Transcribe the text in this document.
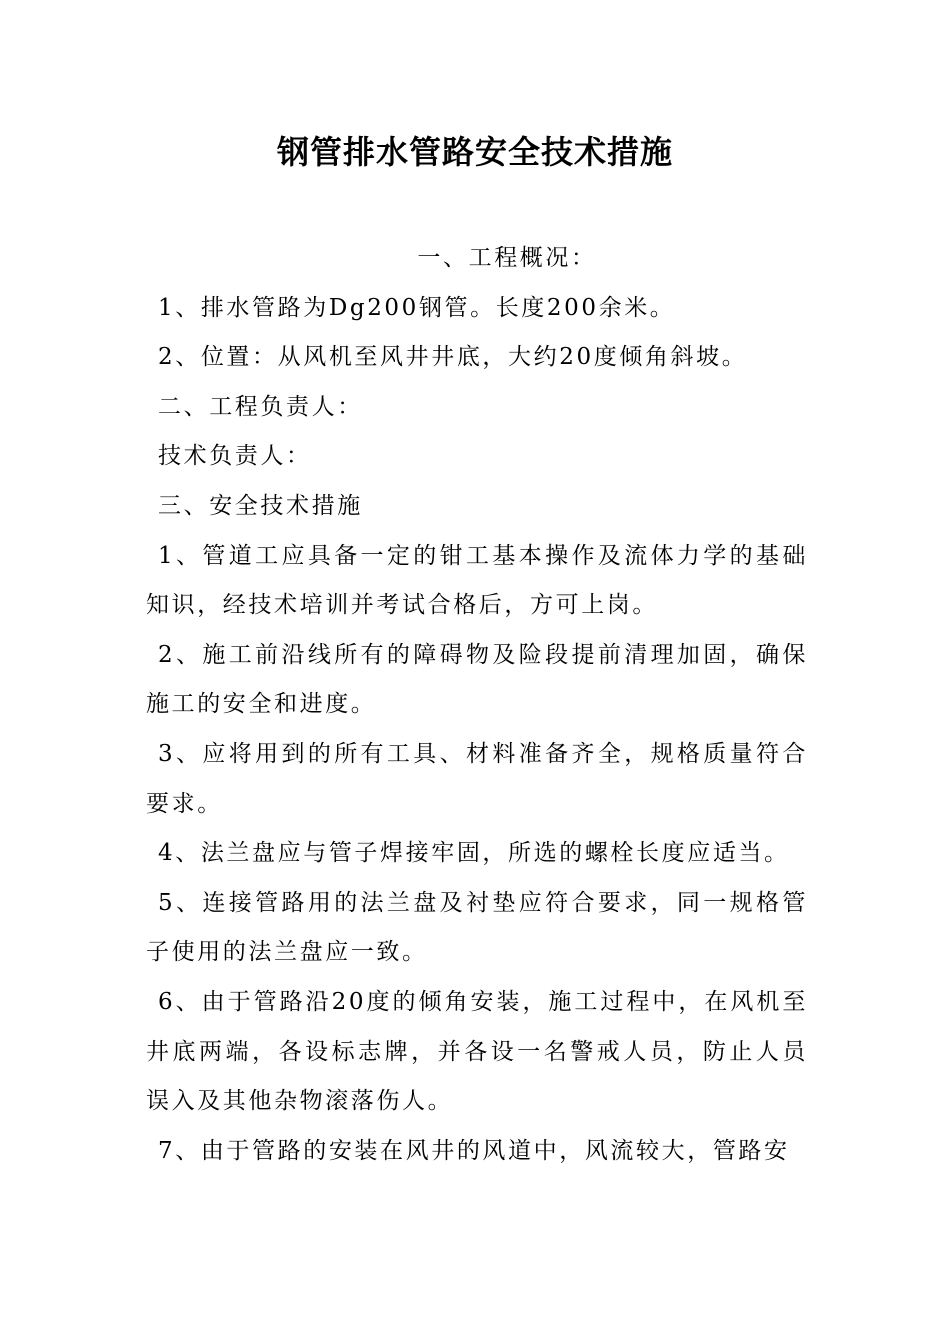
钢管排水管路安全技术措施

一、工程概况：

1、排水管路为Dg200钢管。长度200余米。

2、位置：从风机至风井井底，大约20度倾角斜坡。

二、工程负责人：

技术负责人：

三、安全技术措施

1、管道工应具备一定的钳工基本操作及流体力学的基础知识，经技术培训并考试合格后，方可上岗。

2、施工前沿线所有的障碍物及险段提前清理加固，确保施工的安全和进度。

3、应将用到的所有工具、材料准备齐全，规格质量符合要求。

4、法兰盘应与管子焊接牢固，所选的螺栓长度应适当。

5、连接管路用的法兰盘及衬垫应符合要求，同一规格管子使用的法兰盘应一致。

6、由于管路沿20度的倾角安装，施工过程中，在风机至井底两端，各设标志牌，并各设一名警戒人员，防止人员误入及其他杂物滚落伤人。

7、由于管路的安装在风井的风道中，风流较大，管路安
